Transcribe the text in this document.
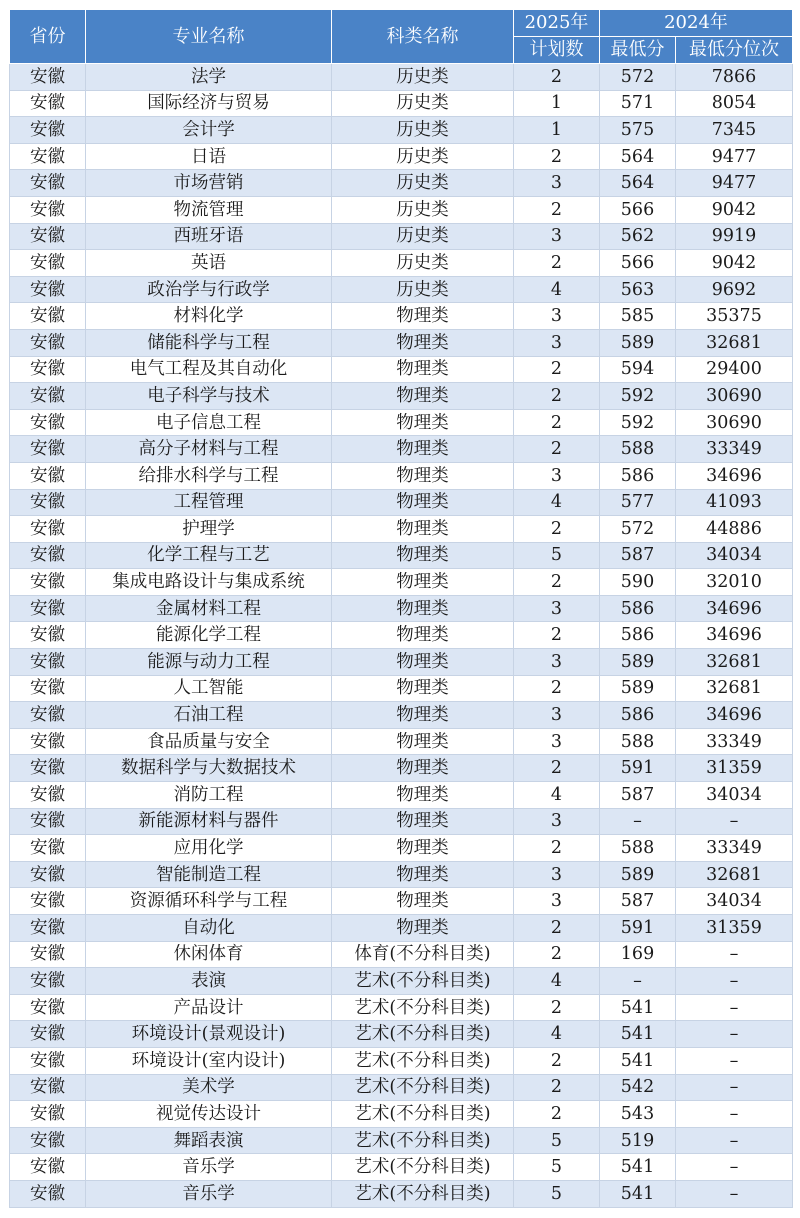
省份	专业名称	科类名称	2025年	2024年	
			计划数	最低分	最低分位次
安徽	法学	历史类	2	572	7866
安徽	国际经济与贸易	历史类	1	571	8054
安徽	会计学	历史类	1	575	7345
安徽	日语	历史类	2	564	9477
安徽	市场营销	历史类	3	564	9477
安徽	物流管理	历史类	2	566	9042
安徽	西班牙语	历史类	3	562	9919
安徽	英语	历史类	2	566	9042
安徽	政治学与行政学	历史类	4	563	9692
安徽	材料化学	物理类	3	585	35375
安徽	储能科学与工程	物理类	3	589	32681
安徽	电气工程及其自动化	物理类	2	594	29400
安徽	电子科学与技术	物理类	2	592	30690
安徽	电子信息工程	物理类	2	592	30690
安徽	高分子材料与工程	物理类	2	588	33349
安徽	给排水科学与工程	物理类	3	586	34696
安徽	工程管理	物理类	4	577	41093
安徽	护理学	物理类	2	572	44886
安徽	化学工程与工艺	物理类	5	587	34034
安徽	集成电路设计与集成系统	物理类	2	590	32010
安徽	金属材料工程	物理类	3	586	34696
安徽	能源化学工程	物理类	2	586	34696
安徽	能源与动力工程	物理类	3	589	32681
安徽	人工智能	物理类	2	589	32681
安徽	石油工程	物理类	3	586	34696
安徽	食品质量与安全	物理类	3	588	33349
安徽	数据科学与大数据技术	物理类	2	591	31359
安徽	消防工程	物理类	4	587	34034
安徽	新能源材料与器件	物理类	3	–	–
安徽	应用化学	物理类	2	588	33349
安徽	智能制造工程	物理类	3	589	32681
安徽	资源循环科学与工程	物理类	3	587	34034
安徽	自动化	物理类	2	591	31359
安徽	休闲体育	体育(不分科目类)	2	169	–
安徽	表演	艺术(不分科目类)	4	–	–
安徽	产品设计	艺术(不分科目类)	2	541	–
安徽	环境设计(景观设计)	艺术(不分科目类)	4	541	–
安徽	环境设计(室内设计)	艺术(不分科目类)	2	541	–
安徽	美术学	艺术(不分科目类)	2	542	–
安徽	视觉传达设计	艺术(不分科目类)	2	543	–
安徽	舞蹈表演	艺术(不分科目类)	5	519	–
安徽	音乐学	艺术(不分科目类)	5	541	–
安徽	音乐学	艺术(不分科目类)	5	541	–
